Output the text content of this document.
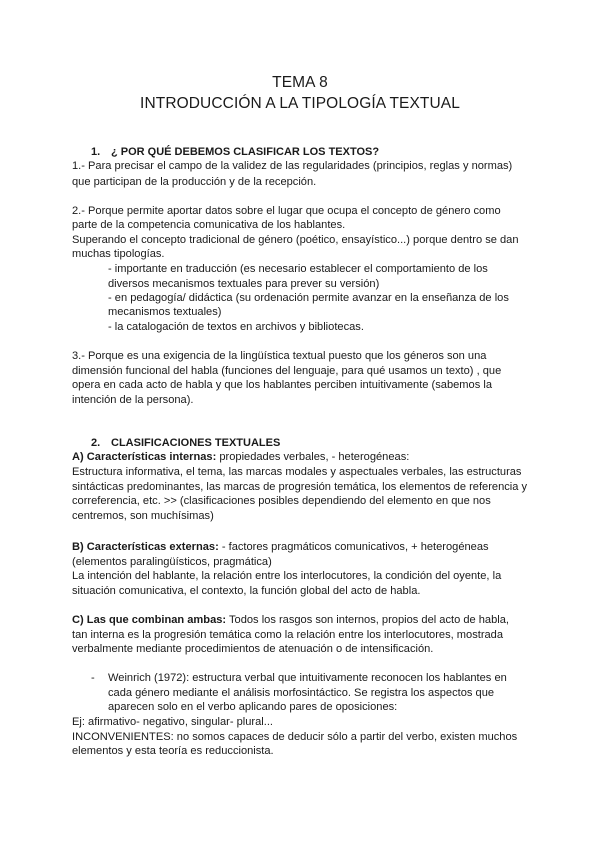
TEMA 8
INTRODUCCIÓN A LA TIPOLOGÍA TEXTUAL
1. ¿ POR QUÉ DEBEMOS CLASIFICAR LOS TEXTOS?
1.- Para precisar el campo de la validez de las regularidades (principios, reglas y normas)
que participan de la producción y de la recepción.
2.- Porque permite aportar datos sobre el lugar que ocupa el concepto de género como
parte de la competencia comunicativa de los hablantes.
Superando el concepto tradicional de género (poético, ensayístico...) porque dentro se dan
muchas tipologías.
- importante en traducción (es necesario establecer el comportamiento de los
diversos mecanismos textuales para prever su versión)
- en pedagogía/ didáctica (su ordenación permite avanzar en la enseñanza de los
mecanismos textuales)
- la catalogación de textos en archivos y bibliotecas.
3.- Porque es una exigencia de la lingüística textual puesto que los géneros son una
dimensión funcional del habla (funciones del lenguaje, para qué usamos un texto) , que
opera en cada acto de habla y que los hablantes perciben intuitivamente (sabemos la
intención de la persona).
2. CLASIFICACIONES TEXTUALES
A) Características internas: propiedades verbales, - heterogéneas:
Estructura informativa, el tema, las marcas modales y aspectuales verbales, las estructuras
sintácticas predominantes, las marcas de progresión temática, los elementos de referencia y
correferencia, etc. >> (clasificaciones posibles dependiendo del elemento en que nos
centremos, son muchísimas)
B) Características externas: - factores pragmáticos comunicativos, + heterogéneas
(elementos paralingüísticos, pragmática)
La intención del hablante, la relación entre los interlocutores, la condición del oyente, la
situación comunicativa, el contexto, la función global del acto de habla.
C) Las que combinan ambas: Todos los rasgos son internos, propios del acto de habla,
tan interna es la progresión temática como la relación entre los interlocutores, mostrada
verbalmente mediante procedimientos de atenuación o de intensificación.
- Weinrich (1972): estructura verbal que intuitivamente reconocen los hablantes en
cada género mediante el análisis morfosintáctico. Se registra los aspectos que
aparecen solo en el verbo aplicando pares de oposiciones:
Ej: afirmativo- negativo, singular- plural...
INCONVENIENTES: no somos capaces de deducir sólo a partir del verbo, existen muchos
elementos y esta teoría es reduccionista.
